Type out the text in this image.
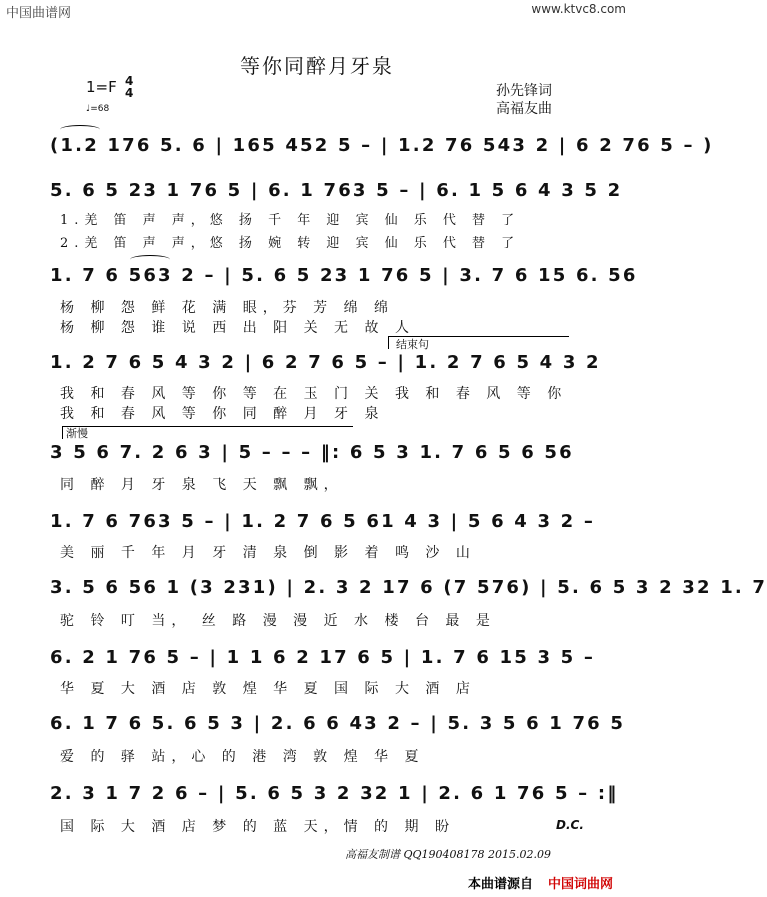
中国曲谱网	www.ktvc8.com
等你同醉月牙泉
1=F 4
4
♩=68
孙先锋词
高福友曲
(1.2 176 5. 6 | 165 452 5 – | 1.2 76 543 2 | 6 2 76 5 – )
5. 6 5 23 1 76 5 | 6. 1 763 5 – | 6. 1 5 6 4 3 5 2
1.羌 笛 声 声，悠 扬 千 年 迎 宾 仙 乐 代 替 了
2.羌 笛 声 声，悠 扬 婉 转 迎 宾 仙 乐 代 替 了
1. 7 6 563 2 – | 5. 6 5 23 1 76 5 | 3. 7 6 15 6. 56
杨 柳 怨 鲜 花 满 眼，芬 芳 绵 绵
杨 柳 怨 谁 说 西 出 阳 关 无 故 人
结束句
1. 2 7 6 5 4 3 2 | 6 2 7 6 5 – | 1. 2 7 6 5 4 3 2
我 和 春 风 等 你 等 在 玉 门 关 我 和 春 风 等 你
我 和 春 风 等 你 同 醉 月 牙 泉
渐慢
3 5 6 7. 2 6 3 | 5 – – – ‖: 6 5 3 1. 7 6 5 6 56
同 醉 月 牙 泉 飞 天 飘 飘，
1. 7 6 763 5 – | 1. 2 7 6 5 61 4 3 | 5 6 4 3 2 –
美 丽 千 年 月 牙 清 泉 倒 影 着 鸣 沙 山
3. 5 6 56 1 (3 231) | 2. 3 2 17 6 (7 576) | 5. 6 5 3 2 32 1. 7
驼 铃 叮 当， 丝 路 漫 漫 近 水 楼 台 最 是
6. 2 1 76 5 – | 1 1 6 2 17 6 5 | 1. 7 6 15 3 5 –
华 夏 大 酒 店 敦 煌 华 夏 国 际 大 酒 店
6. 1 7 6 5. 6 5 3 | 2. 6 6 43 2 – | 5. 3 5 6 1 76 5
爱 的 驿 站，心 的 港 湾 敦 煌 华 夏
2. 3 1 7 2 6 – | 5. 6 5 3 2 32 1 | 2. 6 1 76 5 – :‖
国 际 大 酒 店 梦 的 蓝 天，情 的 期 盼	D.C.
高福友制谱 QQ190408178 2015.02.09
本曲谱源自 中国词曲网
